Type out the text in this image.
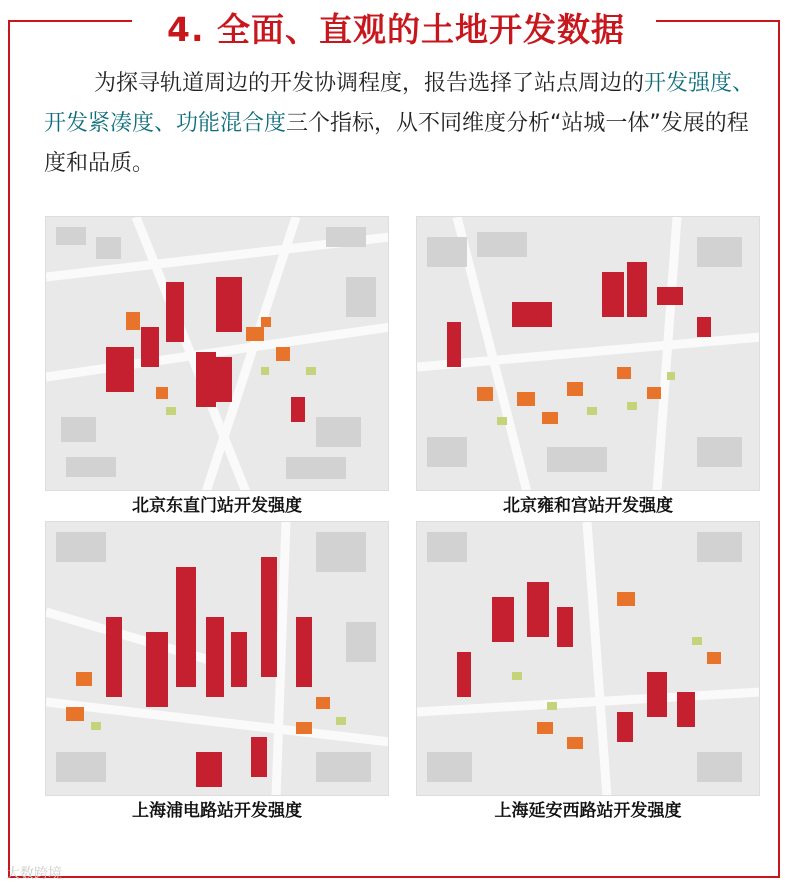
4. 全面、直观的土地开发数据
为探寻轨道周边的开发协调程度，报告选择了站点周边的开发强度、开发紧凑度、功能混合度三个指标，从不同维度分析“站城一体”发展的程度和品质。
北京东直门站开发强度	北京雍和宫站开发强度
上海浦电路站开发强度	上海延安西路站开发强度
大数跨境
